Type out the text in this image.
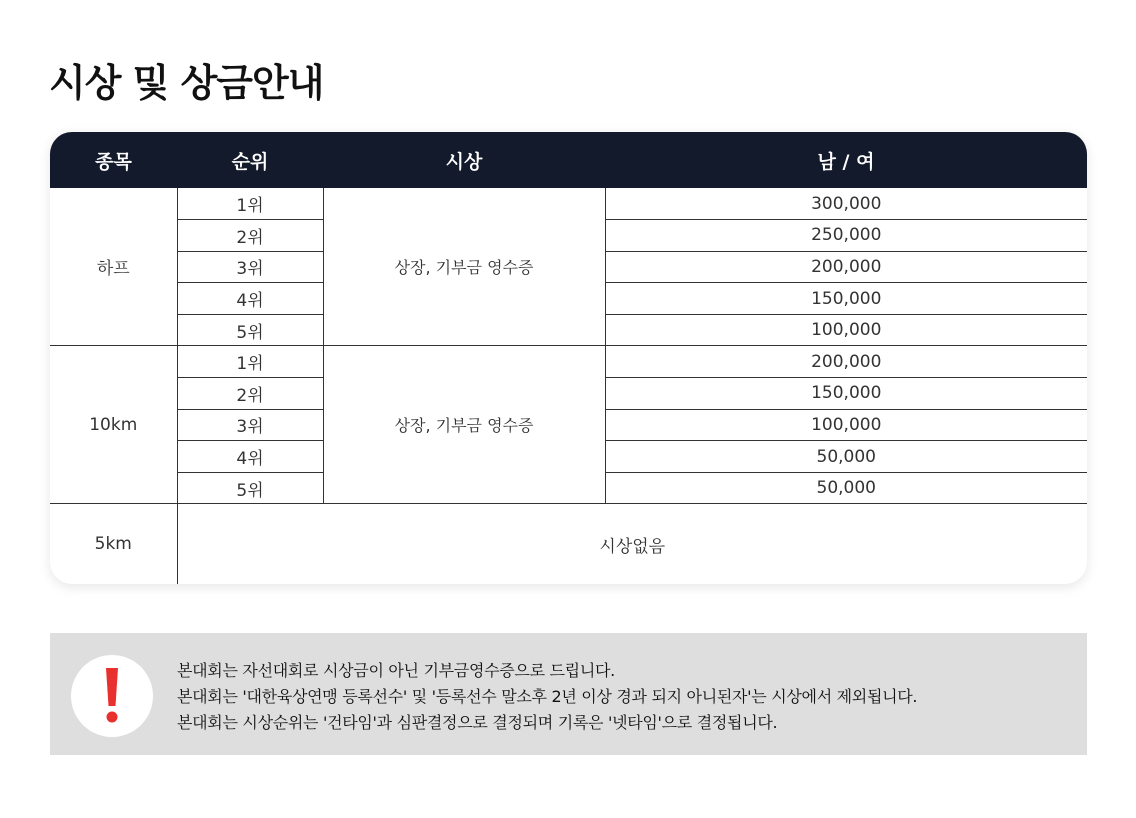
시상 및 상금안내
종목	순위	시상	남 / 여
하프	1위	상장, 기부금 영수증	300,000
	2위		250,000
	3위		200,000
	4위		150,000
	5위		100,000
10km	1위	상장, 기부금 영수증	200,000
	2위		150,000
	3위		100,000
	4위		50,000
	5위		50,000
5km	시상없음		
본대회는 자선대회로 시상금이 아닌 기부금영수증으로 드립니다.
본대회는 '대한육상연맹 등록선수' 및 '등록선수 말소후 2년 이상 경과 되지 아니된자'는 시상에서 제외됩니다.
본대회는 시상순위는 '건타임'과 심판결정으로 결정되며 기록은 '넷타임'으로 결정됩니다.
